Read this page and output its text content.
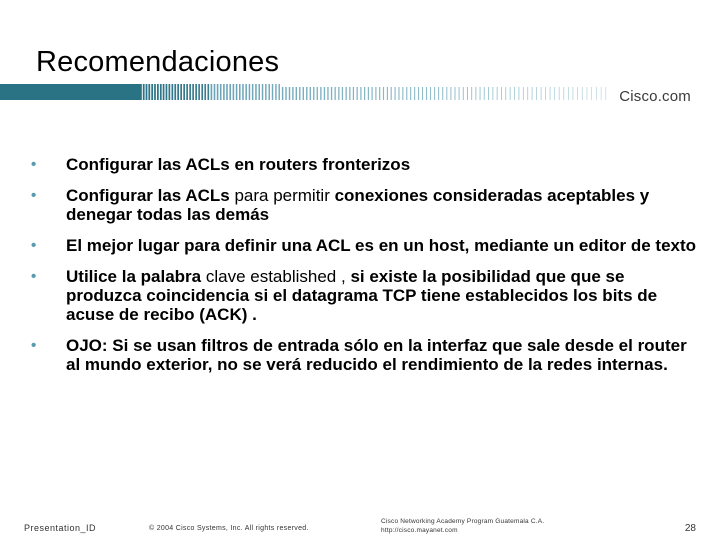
Recomendaciones
Cisco.com
• Configurar las ACLs en routers fronterizos
• Configurar las ACLs para permitir conexiones consideradas aceptables y denegar todas las demás
• El mejor lugar para definir una ACL es en un host, mediante un editor de texto
• Utilice la palabra clave established , si existe la posibilidad que que se produzca coincidencia si el datagrama TCP tiene establecidos los bits de acuse de recibo (ACK) .
• OJO: Si se usan filtros de entrada sólo en la interfaz que sale desde el router al mundo exterior, no se verá reducido el rendimiento de la redes internas.
Presentation_ID	© 2004 Cisco Systems, Inc. All rights reserved.
Cisco Networking Academy Program Guatemala C.A.
http://cisco.mayanet.com	28
